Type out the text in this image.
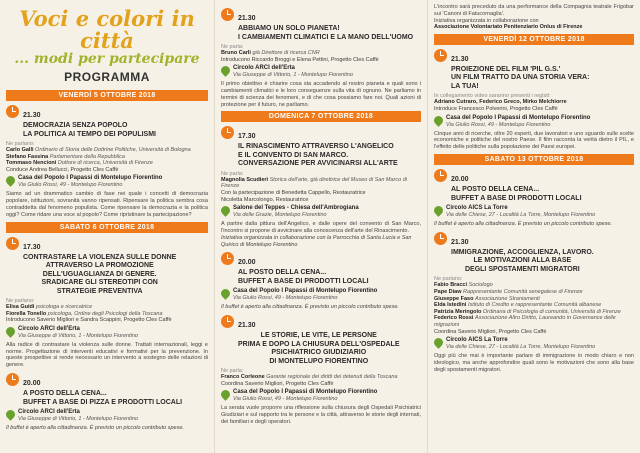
Voci e colori in città
... modi per partecipare
PROGRAMMA
VENERDÌ 5 OTTOBRE 2018
21.30
DEMOCRAZIA SENZA POPOLO
LA POLITICA AI TEMPO DEI POPULISMI
Ne parlano:
Carlo Galli Ordinario di Storia delle Dottrine Politiche, Università di Bologna
Stefano Fassina Parlamentare della Repubblica
Tommaso Nencioni Dottore di ricerca, Università di Firenze
Conduce Andrea Bellucci, Progetto Cles Caffè
Casa del Popolo I Papassi di Montelupo Fiorentino
Via Giulio Rossi, 49 - Montelupo Fiorentino
Siamo ad un drammatico cambio di fase nei quale i concetti di democrazia popolare, istituzioni, sovranità vanno ripensati. Ripensare la politica sembra cosa contraddetta dal fenomeno populista. Come ripensare la democrazia e la politica oggi? Come ridare una voce al popolo? Come ripristinare la partecipazione?
SABATO 6 OTTOBRE 2018
17.30
CONTRASTARE LA VIOLENZA SULLE DONNE
ATTRAVERSO LA PROMOZIONE
DELL'UGUAGLIANZA DI GENERE.
SRADICARE GLI STEREOTIPI CON
STRATEGIE PREVENTIVA
Ne parlano:
Elisa Guidi psicologa e ricercatrice
Fiorella Tonello psicologa, Ordine degli Psicologi della Toscana
Introducono Saverio Migliori e Sandra Scappini, Progetto Cles Caffè
Circolo ARCI dell'Erta
Via Giuseppe di Vittorio, 1 - Montelupo Fiorentino
Alla radice di contrastare la violenza sulle donne. Trattati internazionali, leggi e norme. Progettazione di interventi educativi e formativi per la prevenzione. In queste prospettive si rende necessario un intervento a sostegno delle relazioni di genere.
20.00
A POSTO DELLA CENA...
BUFFET A BASE DI PIZZA E PRODOTTI LOCALI
Circolo ARCI dell'Erta
Via Giuseppe di Vittorio, 1 - Montelupo Fiorentino
Il buffet è aperto alla cittadinanza. È previsto un piccolo contributo spese.
21.30
ABBIAMO UN SOLO PIANETA!
I CAMBIAMENTI CLIMATICI E LA MANO DELL'UOMO
Ne parla:
Bruno Carli già Direttore di ricerca CNR
Introducono Riccardo Broggi e Elena Pettini, Progetto Cles Caffè
Circolo ARCI dell'Erta
Via Giuseppe di Vittorio, 1 - Montelupo Fiorentino
Il primo obiettivo è chiarire cosa sta accadendo al nostro pianeta e quali sono i cambiamenti climatici e le loro conseguenze sulla vita di ognuno. Ne parliamo in termini di scienza dei fenomeni, e di che cosa possiamo fare noi. Quali azioni di protezione per il futuro, ne parliamo.
DOMENICA 7 OTTOBRE 2018
17.30
IL RINASCIMENTO ATTRAVERSO L'ANGELICO
E IL CONVENTO DI SAN MARCO.
CONVERSAZIONE PER AVVICINARSI ALL'ARTE
Ne parla:
Magnolia Scudieri Storica dell'arte, già direttrice del Museo di San Marco di Firenze
Con la partecipazione di Benedetta Cappello, Restauratrice
Nicoletta Marcolongo, Restauratrice
Salone del Teppes - Chiesa dell'Ambrogiana
Via delle Grazie, Montelupo Fiorentino
A partire dalla pittura dell'Angelico, e dalle opere del convento di San Marco, l'incontro si propone di avvicinare alla conoscenza dell'arte del Rinascimento.
Iniziativa organizzata in collaborazione con la Parrocchia di Santa Lucia e San Quirico di Montelupo Fiorentino
20.00
AL POSTO DELLA CENA...
BUFFET A BASE DI PRODOTTI LOCALI
Casa del Popolo I Papassi di Montelupo Fiorentino
Via Giulio Rossi, 49 - Montelupo Fiorentino
Il buffet è aperto alla cittadinanza. È previsto un piccolo contributo spese.
21.30
LE STORIE, LE VITE, LE PERSONE
PRIMA E DOPO LA CHIUSURA DELL'OSPEDALE
PSICHIATRICO GIUDIZIARIO
DI MONTELUPO FIORENTINO
Ne parla:
Franco Corleone Garante regionale dei diritti dei detenuti della Toscana
Coordina Saverio Migliori, Progetto Cles Caffè
Casa del Popolo I Papassi di Montelupo Fiorentino
Via Giulio Rossi, 49 - Montelupo Fiorentino
La serata vuole proporre una riflessione sulla chiusura degli Ospedali Psichiatrici Giudiziari e sul rapporto tra le persone e la città, attraverso le storie degli internati, dei familiari e degli operatori.
L'incontro sarà preceduto da una performance della Compagnia teatrale Frigobar sui 'Canoni di Fatucornaglia'.
Iniziativa organizzata in collaborazione con
Associazione Volontariato Penitenziario Onlus di Firenze
VENERDÌ 12 OTTOBRE 2018
21.30
PROIEZIONE DEL FILM 'PIL G.S.'
UN FILM TRATTO DA UNA STORIA VERA:
LA TUA!
In collegamento video saranno presenti i registi:
Adriano Cutraro, Federico Greco, Mirko Melchiorre
Introduce Francesco Polverini, Progetto Cles Caffè
Casa del Popolo I Papassi di Montelupo Fiorentino
Via Giulio Rossi, 49 - Montelupo Fiorentino
Cinque anni di ricerche, oltre 20 esperti, due lavoratori e uno sguardo sulle scelte economiche e politiche del nostro Paese. Il film racconta la verità dietro il PIL, e l'effetto delle politiche sulla popolazione dei Paesi europei.
SABATO 13 OTTOBRE 2018
20.00
AL POSTO DELLA CENA...
BUFFET A BASE DI PRODOTTI LOCALI
Circolo AICS La Torre
Via delle Chiese, 27 - Località La Torre, Montelupo Fiorentino
Il buffet è aperto alla cittadinanza. È previsto un piccolo contributo spese.
21.30
IMMIGRAZIONE, ACCOGLIENZA, LAVORO.
LE MOTIVAZIONI ALLA BASE
DEGLI SPOSTAMENTI MIGRATORI
Ne parlano:
Fabio Bracci Sociologo
Pape Diaw Rappresentante Comunità senegalese di Firenze
Giuseppe Faso Associazione Straniamenti
Elda Istedini Istituto di Credito e rappresentante Comunità albanese
Patrizia Meringolo Ordinaria di Psicologia di comunità, Università di Firenze
Federico Rossi Associazione Altro Diritto, Laureando in Governance delle migrazioni
Coordina Saverio Migliori, Progetto Cles Caffè
Circolo AICS La Torre
Via delle Chiese, 27 - Località La Torre, Montelupo Fiorentino
Oggi più che mai è importante parlare di immigrazione in modo chiaro e non ideologico, ma anche approfondire quali sono le motivazioni che sono alla base degli spostamenti migratori.
